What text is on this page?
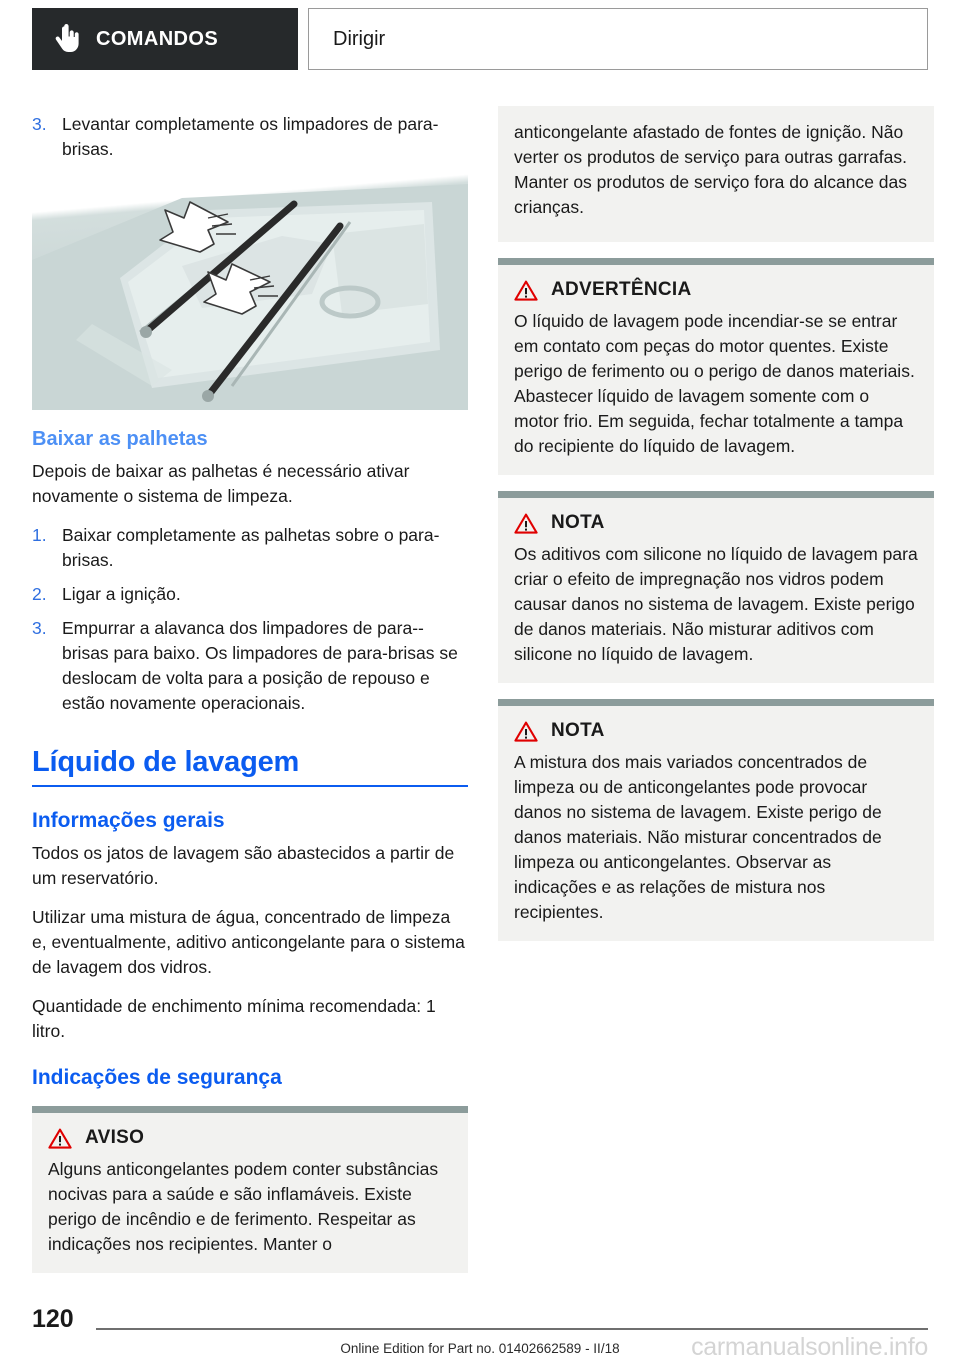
COMANDOS	Dirigir
3. Levantar completamente os limpadores de para-brisas.
Baixar as palhetas

Depois de baixar as palhetas é necessário ativar novamente o sistema de limpeza.

1. Baixar completamente as palhetas sobre o para-brisas.
2. Ligar a ignição.
3. Empurrar a alavanca dos limpadores de para--brisas para baixo. Os limpadores de para-brisas se deslocam de volta para a posição de repouso e estão novamente operacionais.
Líquido de lavagem
Informações gerais

Todos os jatos de lavagem são abastecidos a partir de um reservatório.

Utilizar uma mistura de água, concentrado de limpeza e, eventualmente, aditivo anticongelante para o sistema de lavagem dos vidros.

Quantidade de enchimento mínima recomendada: 1 litro.

Indicações de segurança
AVISO
Alguns anticongelantes podem conter substâncias nocivas para a saúde e são inflamáveis. Existe perigo de incêndio e de ferimento. Respeitar as indicações nos recipientes. Manter o
anticongelante afastado de fontes de ignição. Não verter os produtos de serviço para outras garrafas. Manter os produtos de serviço fora do alcance das crianças.
ADVERTÊNCIA
O líquido de lavagem pode incendiar-se se entrar em contato com peças do motor quentes. Existe perigo de ferimento ou o perigo de danos materiais. Abastecer líquido de lavagem somente com o motor frio. Em seguida, fechar totalmente a tampa do recipiente do líquido de lavagem.
NOTA
Os aditivos com silicone no líquido de lavagem para criar o efeito de impregnação nos vidros podem causar danos no sistema de lavagem. Existe perigo de danos materiais. Não misturar aditivos com silicone no líquido de lavagem.
NOTA
A mistura dos mais variados concentrados de limpeza ou de anticongelantes pode provocar danos no sistema de lavagem. Existe perigo de danos materiais. Não misturar concentrados de limpeza ou anticongelantes. Observar as indicações e as relações de mistura nos recipientes.
120
Online Edition for Part no. 01402662589 - II/18	carmanualsonline.info
